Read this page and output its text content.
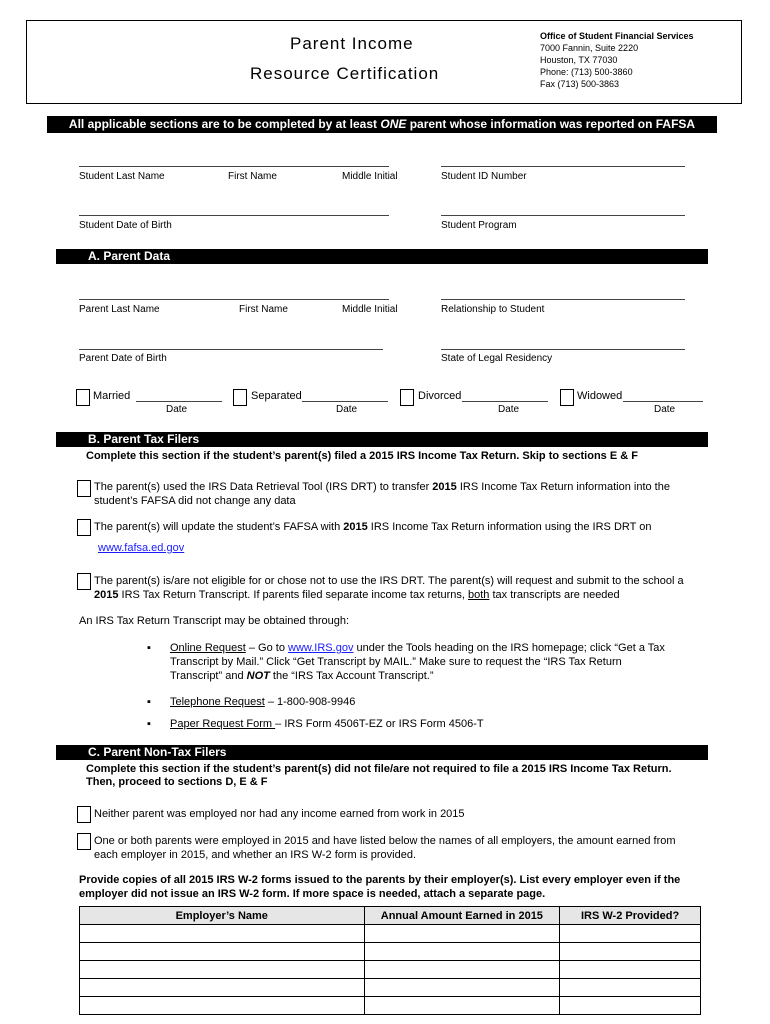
Parent Income
Resource Certification
Office of Student Financial Services
7000 Fannin, Suite 2220
Houston, TX 77030
Phone: (713) 500-3860
Fax (713) 500-3863
All applicable sections are to be completed by at least ONE parent whose information was reported on FAFSA
Student Last Name	First Name	Middle Initial	Student ID Number
Student Date of Birth	Student Program
A. Parent Data
Parent Last Name	First Name	Middle Initial	Relationship to Student
Parent Date of Birth	State of Legal Residency
Married
Date
Separated
Date
Divorced
Date
Widowed
Date
B. Parent Tax Filers
Complete this section if the student’s parent(s) filed a 2015 IRS Income Tax Return. Skip to sections E & F
The parent(s) used the IRS Data Retrieval Tool (IRS DRT) to transfer 2015 IRS Income Tax Return information into the
student’s FAFSA did not change any data
The parent(s) will update the student’s FAFSA with 2015 IRS Income Tax Return information using the IRS DRT on
www.fafsa.ed.gov
The parent(s) is/are not eligible for or chose not to use the IRS DRT. The parent(s) will request and submit to the school a
2015 IRS Tax Return Transcript. If parents filed separate income tax returns, both tax transcripts are needed
An IRS Tax Return Transcript may be obtained through:
▪ Online Request – Go to www.IRS.gov under the Tools heading on the IRS homepage; click “Get a Tax
Transcript by Mail.” Click “Get Transcript by MAIL.” Make sure to request the “IRS Tax Return
Transcript” and NOT the “IRS Tax Account Transcript.”
▪ Telephone Request – 1-800-908-9946
▪ Paper Request Form – IRS Form 4506T-EZ or IRS Form 4506-T
C. Parent Non-Tax Filers
Complete this section if the student’s parent(s) did not file/are not required to file a 2015 IRS Income Tax Return.
Then, proceed to sections D, E & F
Neither parent was employed nor had any income earned from work in 2015
One or both parents were employed in 2015 and have listed below the names of all employers, the amount earned from
each employer in 2015, and whether an IRS W-2 form is provided.
Provide copies of all 2015 IRS W-2 forms issued to the parents by their employer(s). List every employer even if the
employer did not issue an IRS W-2 form. If more space is needed, attach a separate page.
Employer’s Name	Annual Amount Earned in 2015	IRS W-2 Provided?
